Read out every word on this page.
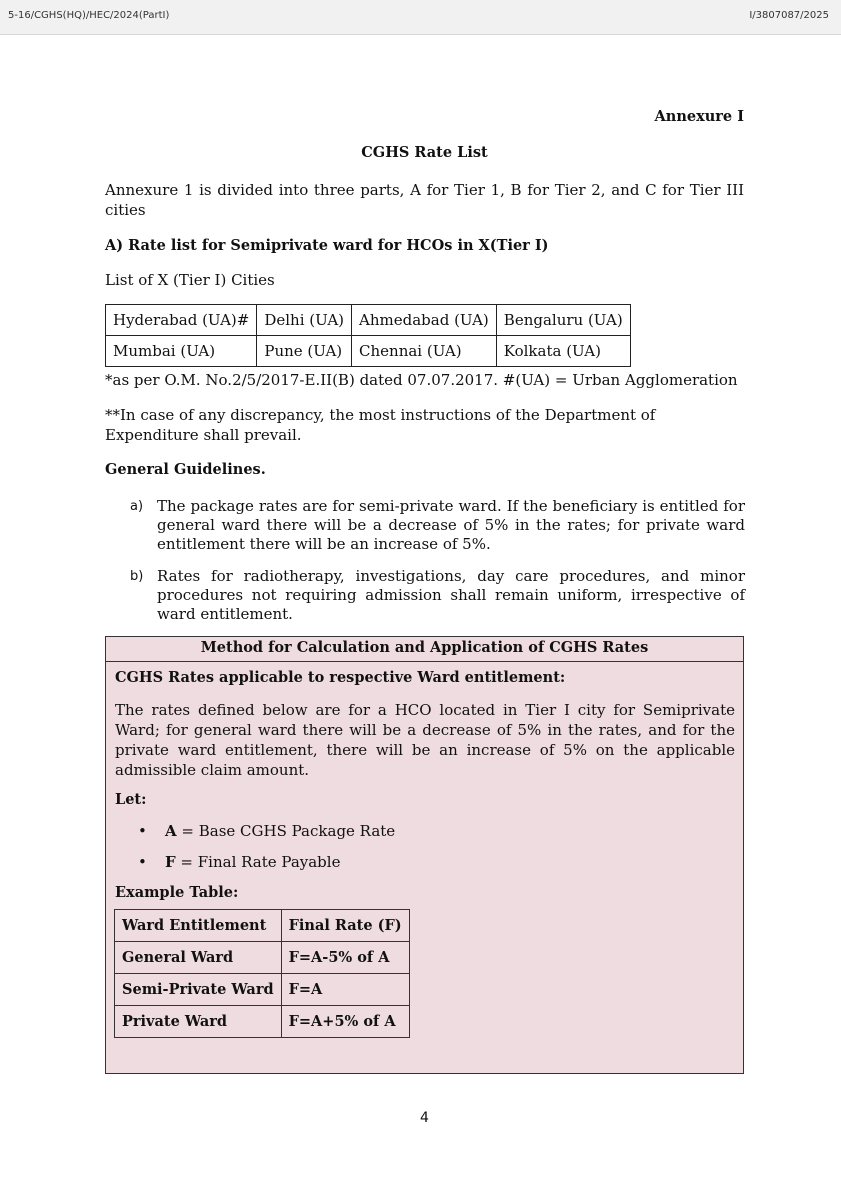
5-16/CGHS(HQ)/HEC/2024(PartI)	I/3807087/2025
Annexure I
CGHS Rate List
Annexure 1 is divided into three parts, A for Tier 1, B for Tier 2, and C for Tier III cities
A) Rate list for Semiprivate ward for HCOs in X(Tier I)
List of X (Tier I) Cities
Hyderabad (UA)#	Delhi (UA)	Ahmedabad (UA)	Bengaluru (UA)
Mumbai (UA)	Pune (UA)	Chennai (UA)	Kolkata (UA)
*as per O.M. No.2/5/2017-E.II(B) dated 07.07.2017. #(UA) = Urban Agglomeration
**In case of any discrepancy, the most instructions of the Department of Expenditure shall prevail.
General Guidelines.
a) The package rates are for semi-private ward. If the beneficiary is entitled for general ward there will be a decrease of 5% in the rates; for private ward entitlement there will be an increase of 5%.
b) Rates for radiotherapy, investigations, day care procedures, and minor procedures not requiring admission shall remain uniform, irrespective of ward entitlement.
Method for Calculation and Application of CGHS Rates
CGHS Rates applicable to respective Ward entitlement:
The rates defined below are for a HCO located in Tier I city for Semiprivate Ward; for general ward there will be a decrease of 5% in the rates, and for the private ward entitlement, there will be an increase of 5% on the applicable admissible claim amount.
Let:
• A = Base CGHS Package Rate
• F = Final Rate Payable
Example Table:
Ward Entitlement	Final Rate (F)
General Ward	F=A-5% of A
Semi-Private Ward	F=A
Private Ward	F=A+5% of A
4
